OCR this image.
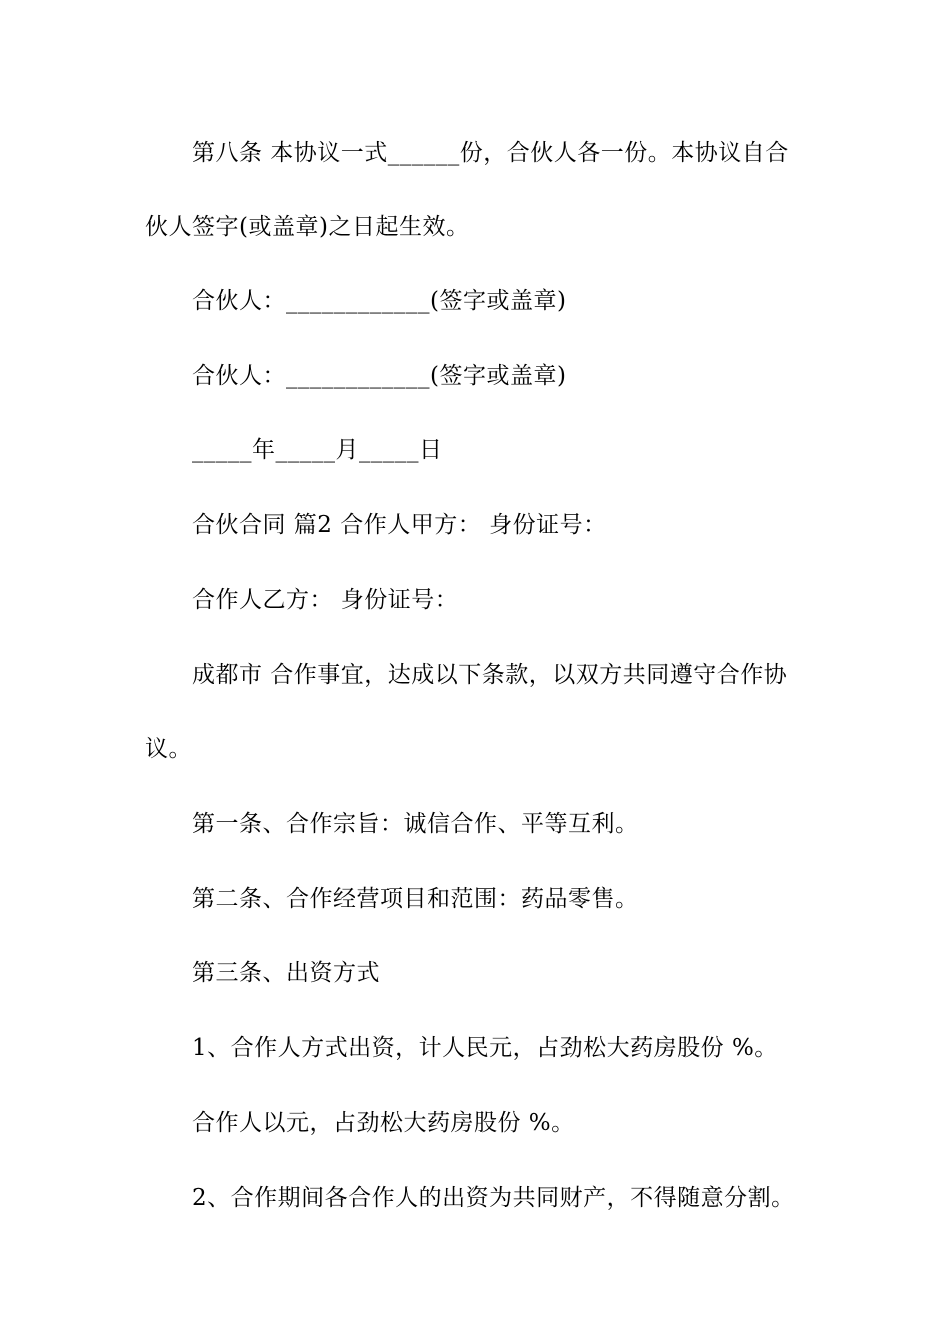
第八条 本协议一式______份，合伙人各一份。本协议自合
伙人签字(或盖章)之日起生效。
合伙人：____________(签字或盖章)
合伙人：____________(签字或盖章)
_____年_____月_____日
合伙合同 篇2 合作人甲方： 身份证号：
合作人乙方： 身份证号：
成都市 合作事宜，达成以下条款，以双方共同遵守合作协
议。
第一条、合作宗旨：诚信合作、平等互利。
第二条、合作经营项目和范围：药品零售。
第三条、出资方式
1、合作人方式出资，计人民元，占劲松大药房股份 %。
合作人以元，占劲松大药房股份 %。
2、合作期间各合作人的出资为共同财产，不得随意分割。
